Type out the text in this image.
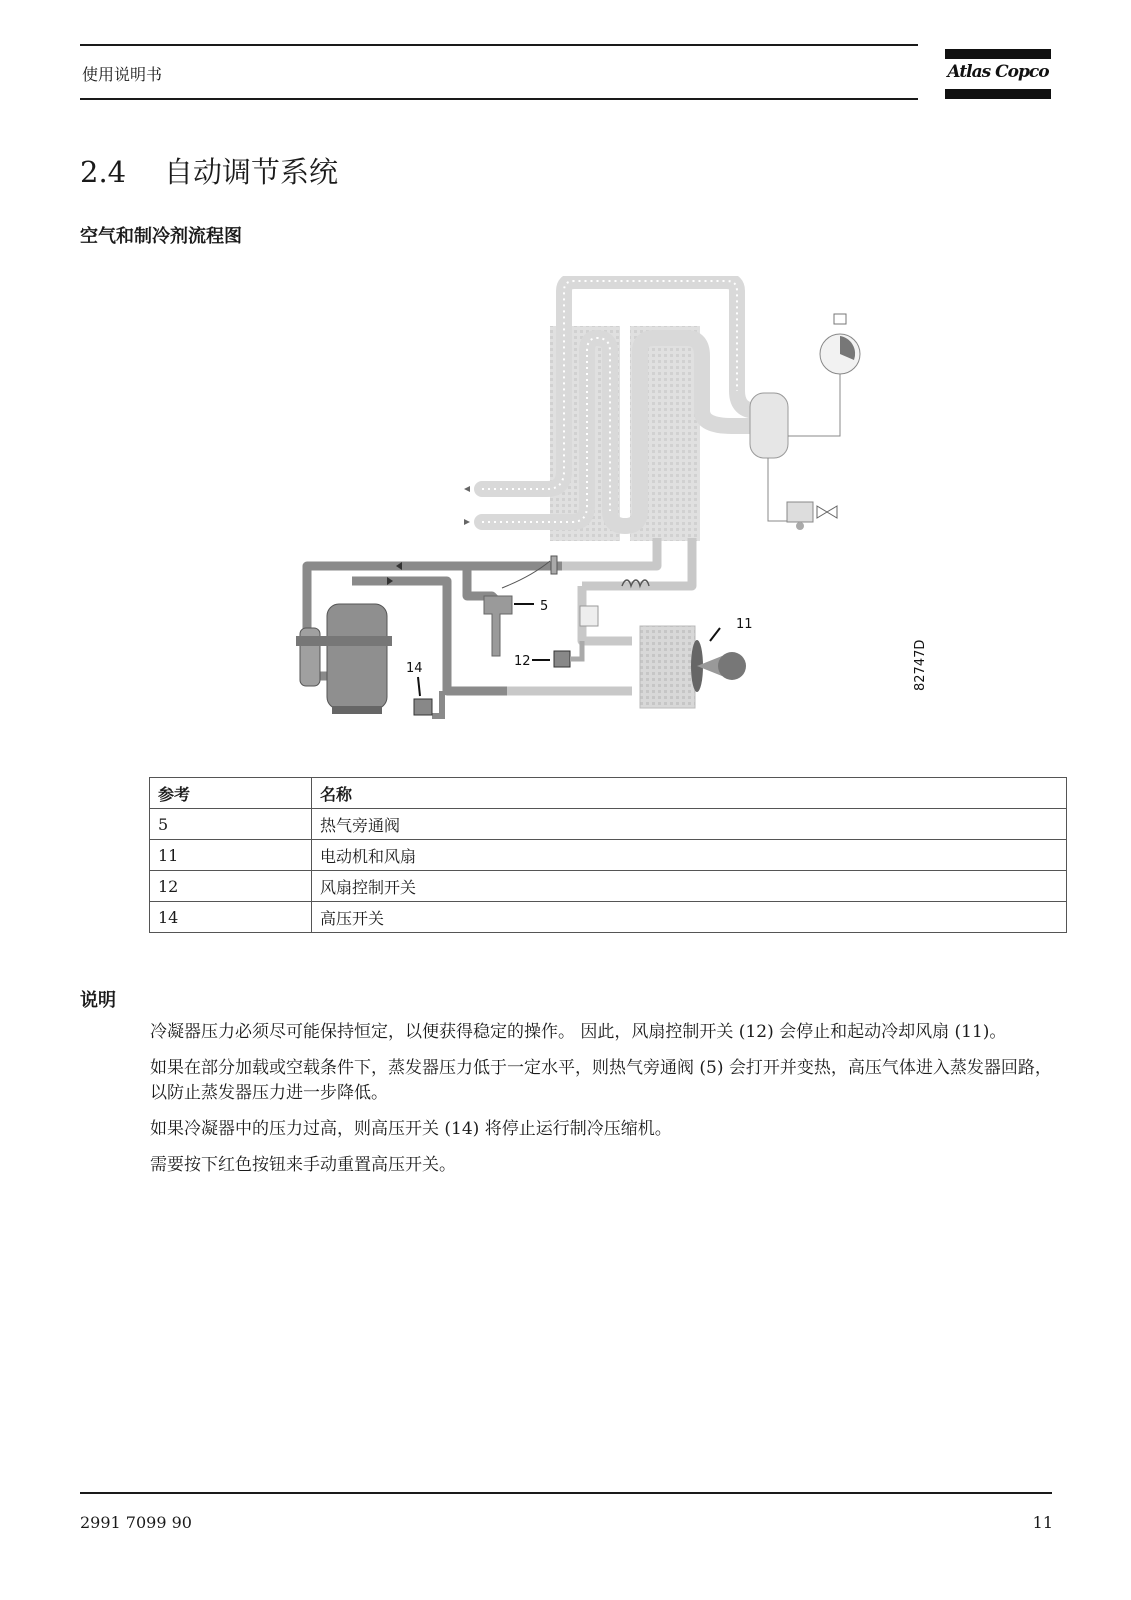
使用说明书	Atlas Copco
2.4 自动调节系统
空气和制冷剂流程图
5
14	12
11
82747D
参考	名称
5	热气旁通阀
11	电动机和风扇
12	风扇控制开关
14	高压开关
说明

冷凝器压力必须尽可能保持恒定，以便获得稳定的操作。 因此，风扇控制开关 (12) 会停止和起动冷却风扇 (11)。

如果在部分加载或空载条件下，蒸发器压力低于一定水平，则热气旁通阀 (5) 会打开并变热，高压气体进入蒸发器回路，以防止蒸发器压力进一步降低。

如果冷凝器中的压力过高，则高压开关 (14) 将停止运行制冷压缩机。

需要按下红色按钮来手动重置高压开关。

2991 7099 90	11
